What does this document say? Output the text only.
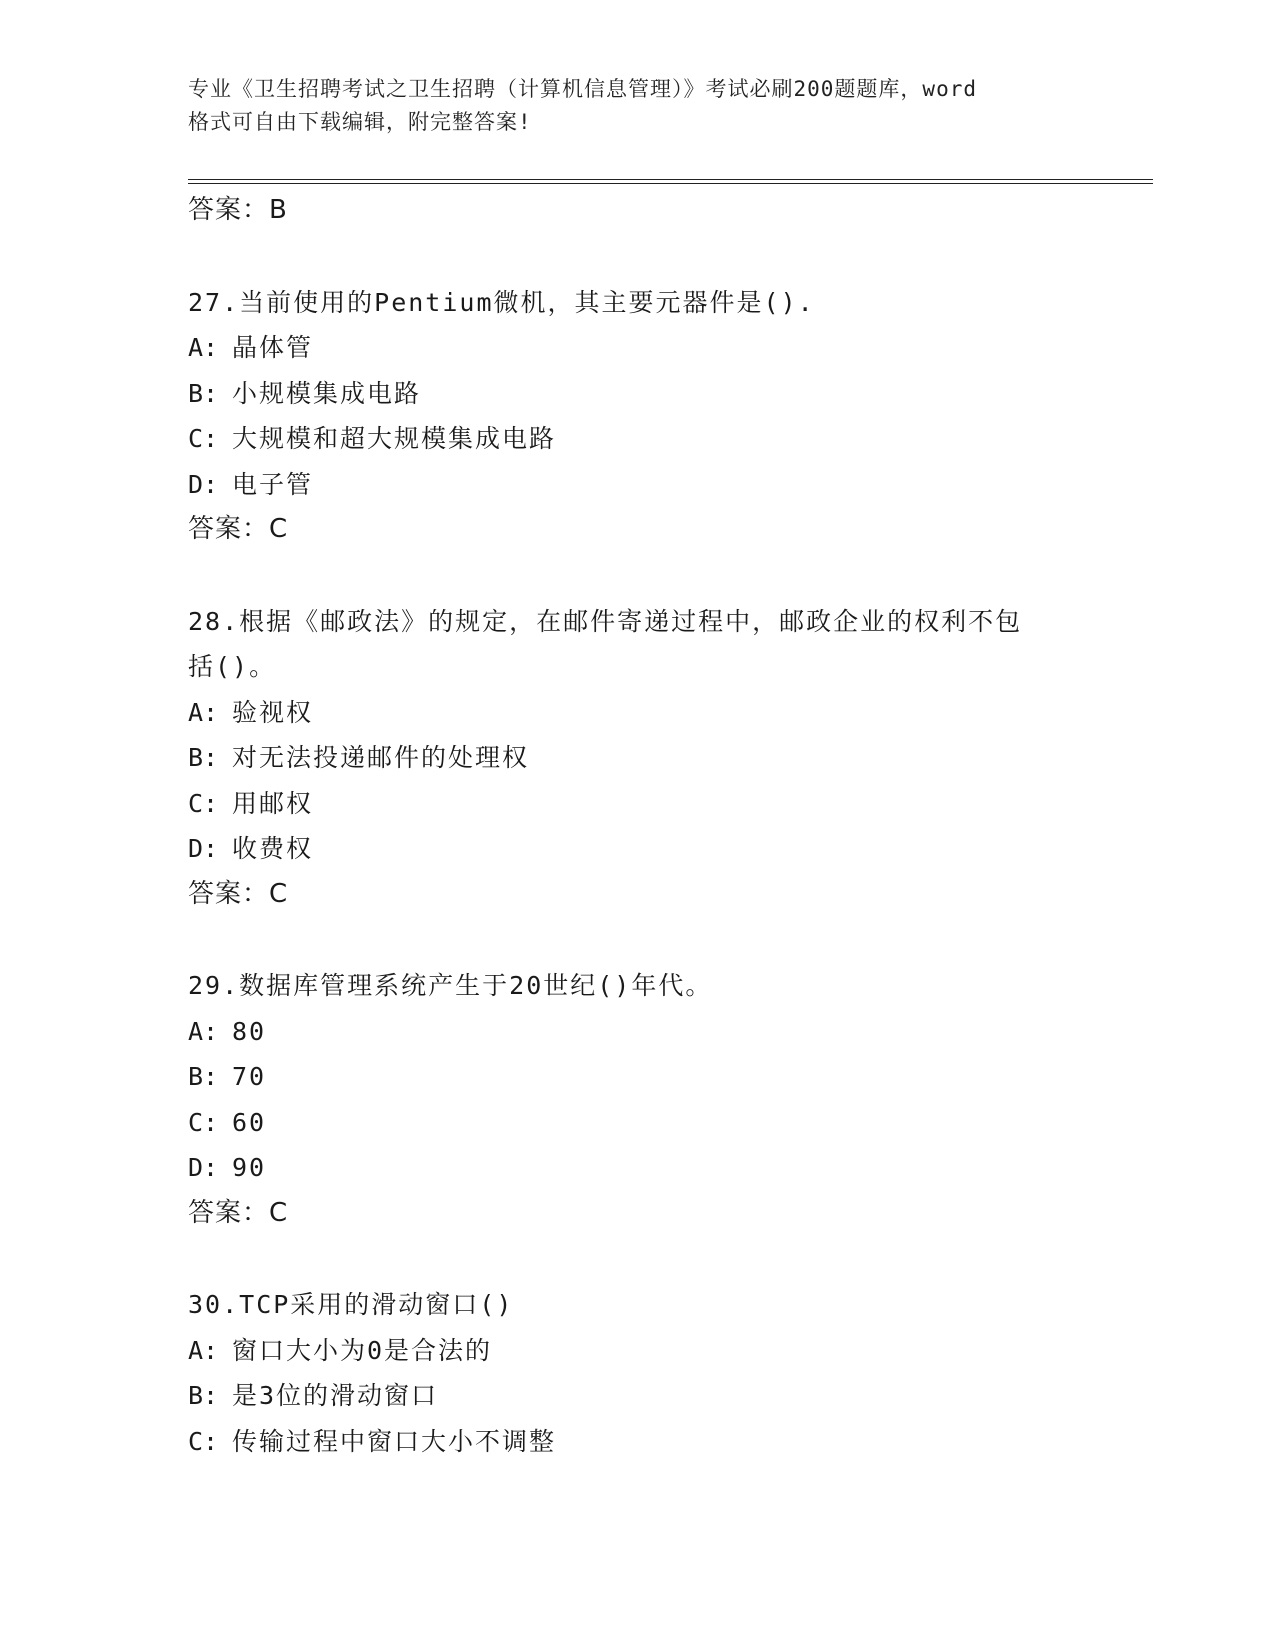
专业《卫生招聘考试之卫生招聘（计算机信息管理）》考试必刷200题题库，word
格式可自由下载编辑，附完整答案!
答案：B
27.当前使用的Pentium微机，其主要元器件是().
A: 晶体管
B: 小规模集成电路
C: 大规模和超大规模集成电路
D: 电子管
答案：C
28.根据《邮政法》的规定，在邮件寄递过程中，邮政企业的权利不包
括()。
A: 验视权
B: 对无法投递邮件的处理权
C: 用邮权
D: 收费权
答案：C
29.数据库管理系统产生于20世纪()年代。
A: 80
B: 70
C: 60
D: 90
答案：C
30.TCP采用的滑动窗口()
A: 窗口大小为0是合法的
B: 是3位的滑动窗口
C: 传输过程中窗口大小不调整
